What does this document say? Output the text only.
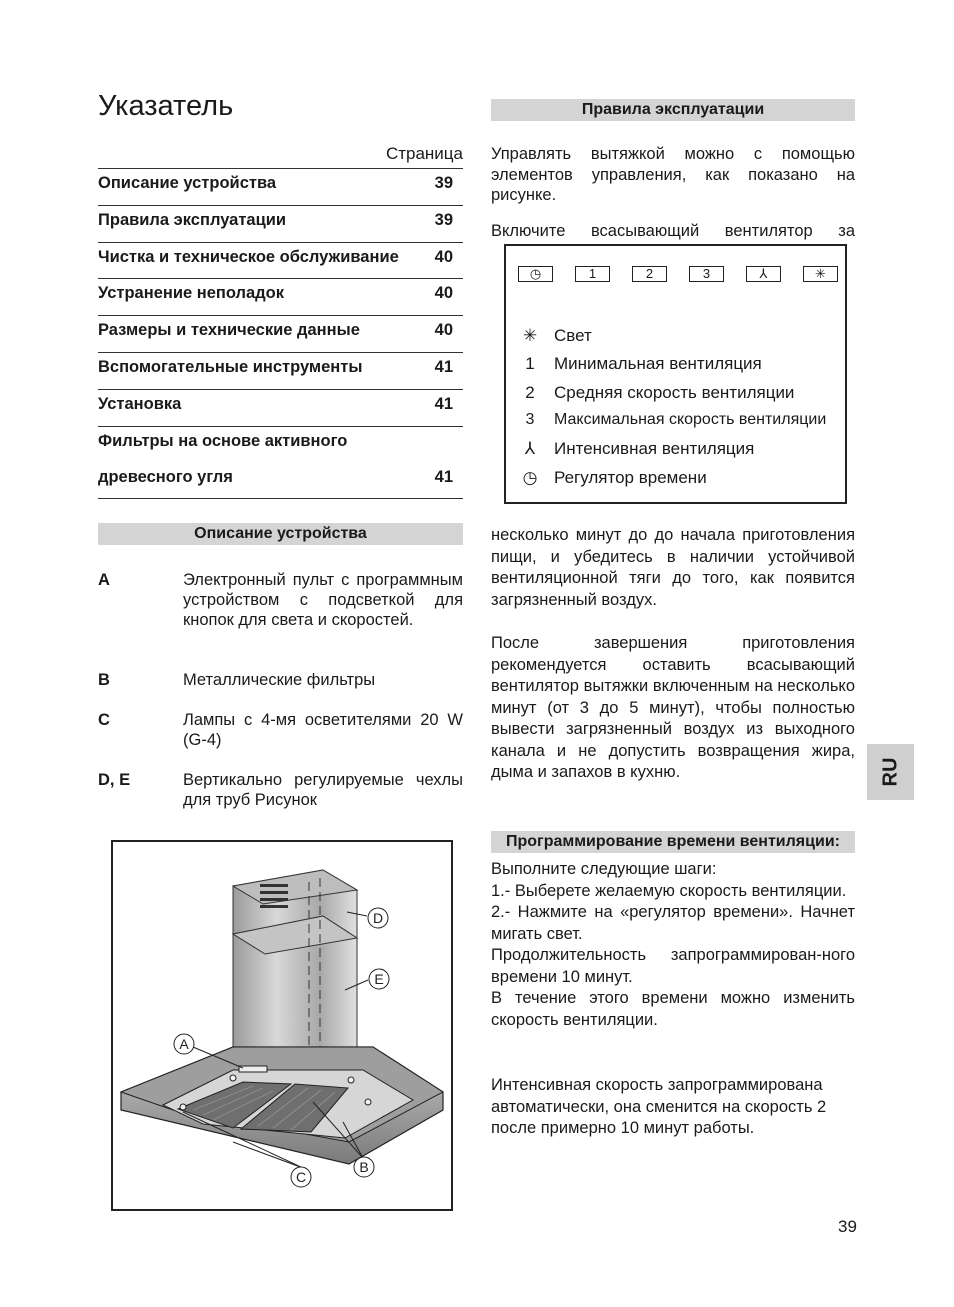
Указатель
Страница
Описание устройства	39
Правила эксплуатации	39
Чистка и техническое обслуживание 40
Устранение неполадок	40
Размеры и технические данные	40
Вспомогательные инструменты	41
Установка	41
Фильтры на основе активного
древесного угля	41
Описание устройства
A	Электронный пульт с программным устройством с подсветкой для кнопок для света и скоростей.
B	Металлические фильтры
C	Лампы с 4-мя осветителями 20 W (G-4)
D, E	Вертикально регулируемые чехлы для труб Рисунок
A
D
E
B
C
Правила эксплуатации
Управлять вытяжкой можно с помощью элементов управления, как показано на рисунке.
Включите всасывающий вентилятор за
◷	1	2	3	⅄	✳
✳ Свет
1	Минимальная вентиляция
2	Средняя скорость вентиляции
3	Максимальная скорость вентиляции
⅄	Интенсивная вентиляция
◷ Регулятор времени
несколько минут до до начала приготовления пищи, и убедитесь в наличии устойчивой вентиляционной тяги до того, как появится загрязненный воздух.
После завершения приготовления рекомендуется оставить всасывающий вентилятор вытяжки включенным на несколько минут (от 3 до 5 минут), чтобы полностью вывести загрязненный воздух из выходного канала и не допустить возвращения жира, дыма и запахов в кухню.	RU
Программирование времени вентиляции:
Выполните следующие шаги:
1.- Выберете желаемую скорость вентиляции.
2.- Нажмите на «регулятор времени». Начнет мигать свет.
Продолжительность запрограммирован-ного времени 10 минут.
В течение этого времени можно изменить скорость вентиляции.
Интенсивная скорость запрограммирована автоматически, она сменится на скорость 2 после примерно 10 минут работы.
39
